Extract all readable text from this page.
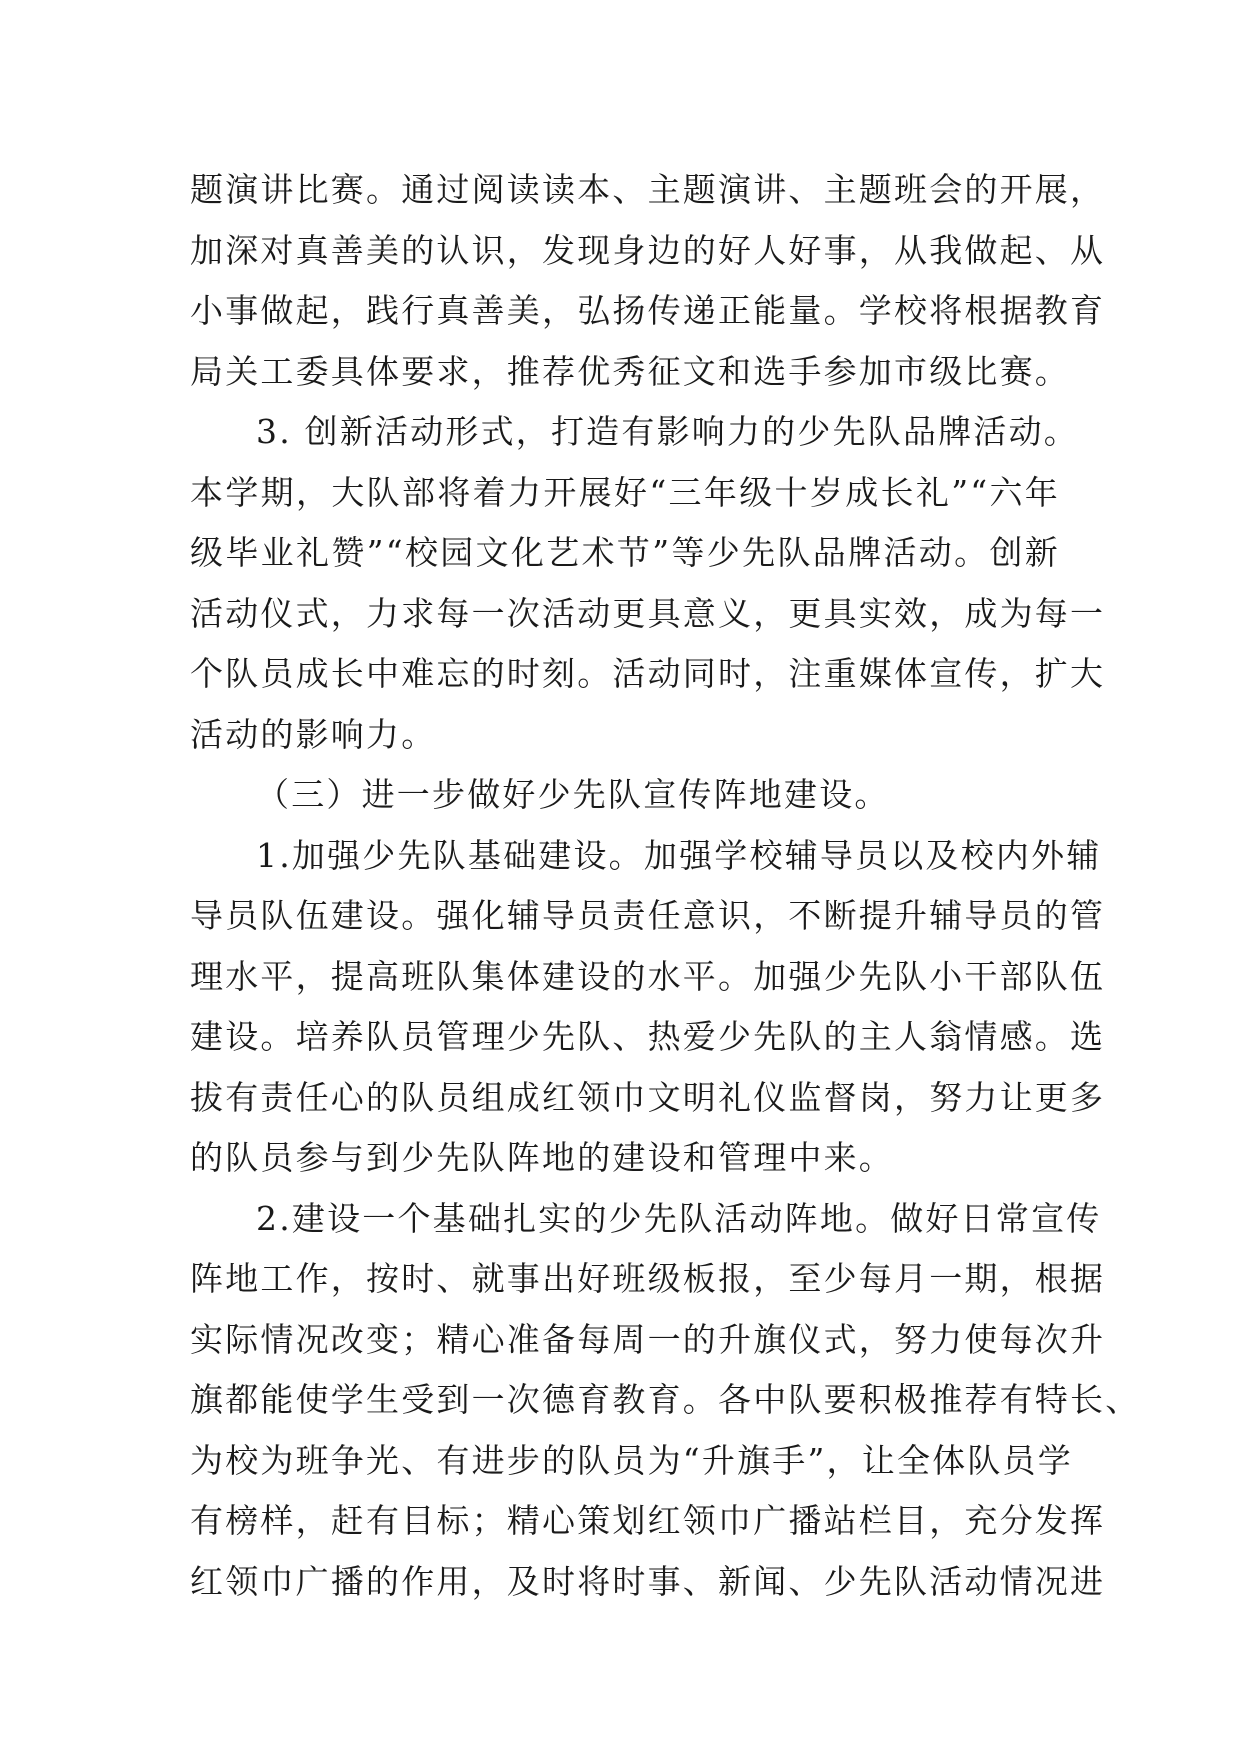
题演讲比赛。通过阅读读本、主题演讲、主题班会的开展，
加深对真善美的认识，发现身边的好人好事，从我做起、从
小事做起，践行真善美，弘扬传递正能量。学校将根据教育
局关工委具体要求，推荐优秀征文和选手参加市级比赛。
3. 创新活动形式，打造有影响力的少先队品牌活动。
本学期，大队部将着力开展好“三年级十岁成长礼”“六年
级毕业礼赞”“校园文化艺术节”等少先队品牌活动。创新
活动仪式，力求每一次活动更具意义，更具实效，成为每一
个队员成长中难忘的时刻。活动同时，注重媒体宣传，扩大
活动的影响力。
（三）进一步做好少先队宣传阵地建设。
1.加强少先队基础建设。加强学校辅导员以及校内外辅
导员队伍建设。强化辅导员责任意识，不断提升辅导员的管
理水平，提高班队集体建设的水平。加强少先队小干部队伍
建设。培养队员管理少先队、热爱少先队的主人翁情感。选
拔有责任心的队员组成红领巾文明礼仪监督岗，努力让更多
的队员参与到少先队阵地的建设和管理中来。
2.建设一个基础扎实的少先队活动阵地。做好日常宣传
阵地工作，按时、就事出好班级板报，至少每月一期，根据
实际情况改变；精心准备每周一的升旗仪式，努力使每次升
旗都能使学生受到一次德育教育。各中队要积极推荐有特长、
为校为班争光、有进步的队员为“升旗手”，让全体队员学
有榜样，赶有目标；精心策划红领巾广播站栏目，充分发挥
红领巾广播的作用，及时将时事、新闻、少先队活动情况进
